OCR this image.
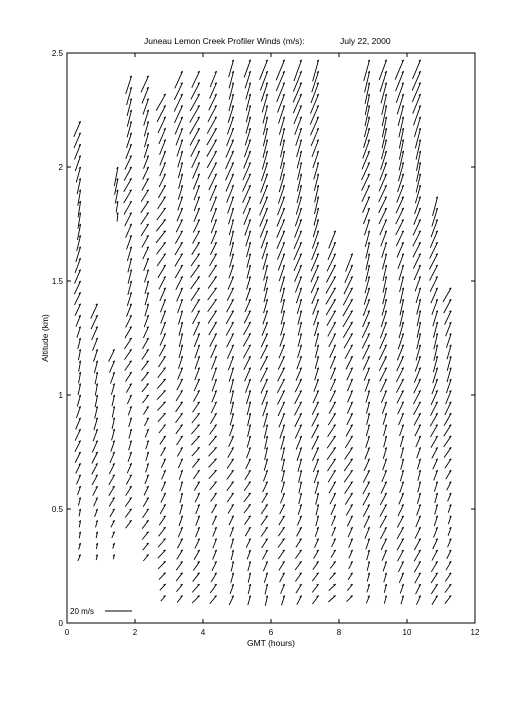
Juneau Lemon Creek Profiler Winds (m/s):	July 22, 2000
0	2	4	6	8	10	12
0
0.5
1
1.5
2
2.5
GMT (hours)
Altitude (km)
20 m/s
